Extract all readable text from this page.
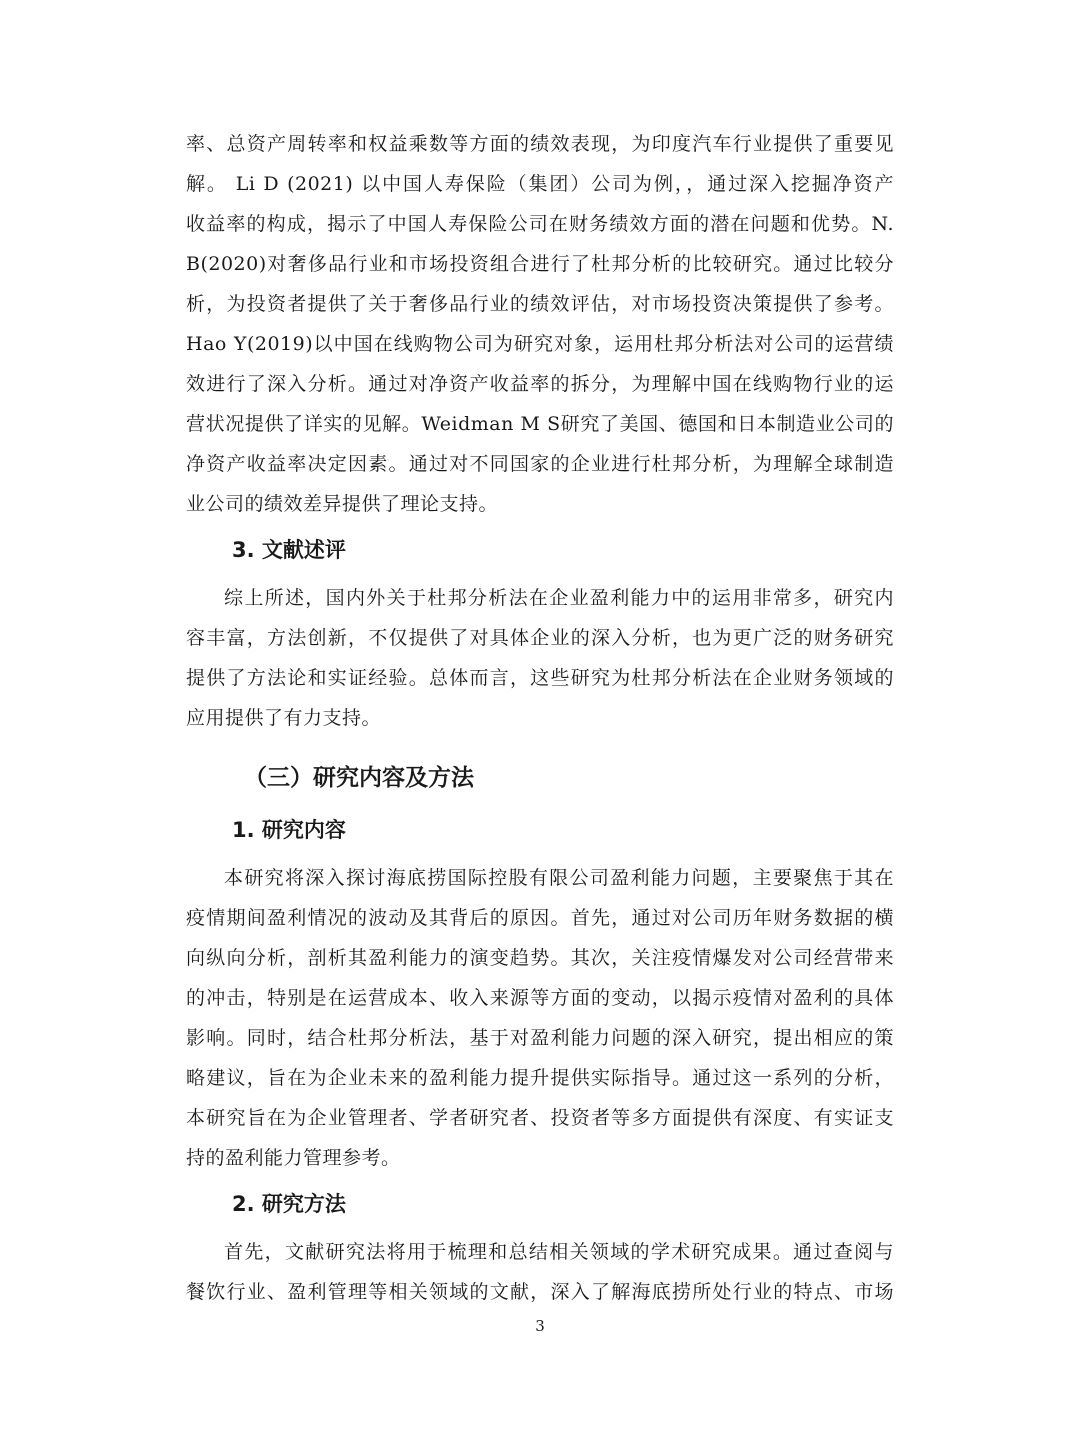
率、总资产周转率和权益乘数等方面的绩效表现，为印度汽车行业提供了重要见
解。 Li D (2021) 以中国人寿保险（集团）公司为例，，通过深入挖掘净资产
收益率的构成，揭示了中国人寿保险公司在财务绩效方面的潜在问题和优势。N.
B(2020)对奢侈品行业和市场投资组合进行了杜邦分析的比较研究。通过比较分
析，为投资者提供了关于奢侈品行业的绩效评估，对市场投资决策提供了参考。
Hao Y(2019)以中国在线购物公司为研究对象，运用杜邦分析法对公司的运营绩
效进行了深入分析。通过对净资产收益率的拆分，为理解中国在线购物行业的运
营状况提供了详实的见解。Weidman M S研究了美国、德国和日本制造业公司的
净资产收益率决定因素。通过对不同国家的企业进行杜邦分析，为理解全球制造
业公司的绩效差异提供了理论支持。
3. 文献述评
综上所述，国内外关于杜邦分析法在企业盈利能力中的运用非常多，研究内
容丰富，方法创新，不仅提供了对具体企业的深入分析，也为更广泛的财务研究
提供了方法论和实证经验。总体而言，这些研究为杜邦分析法在企业财务领域的
应用提供了有力支持。
（三）研究内容及方法
1. 研究内容
本研究将深入探讨海底捞国际控股有限公司盈利能力问题，主要聚焦于其在
疫情期间盈利情况的波动及其背后的原因。首先，通过对公司历年财务数据的横
向纵向分析，剖析其盈利能力的演变趋势。其次，关注疫情爆发对公司经营带来
的冲击，特别是在运营成本、收入来源等方面的变动，以揭示疫情对盈利的具体
影响。同时，结合杜邦分析法，基于对盈利能力问题的深入研究，提出相应的策
略建议，旨在为企业未来的盈利能力提升提供实际指导。通过这一系列的分析，
本研究旨在为企业管理者、学者研究者、投资者等多方面提供有深度、有实证支
持的盈利能力管理参考。
2. 研究方法
首先，文献研究法将用于梳理和总结相关领域的学术研究成果。通过查阅与
餐饮行业、盈利管理等相关领域的文献，深入了解海底捞所处行业的特点、市场
3
